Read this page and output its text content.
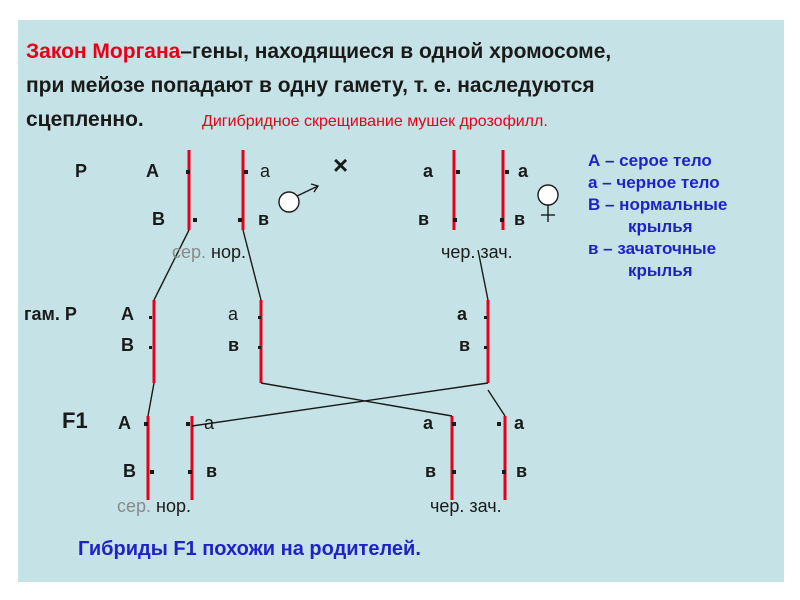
Закон Моргана–гены, находящиеся в одной хромосоме,
при мейозе попадают в одну гамету, т. е. наследуются
сцепленно.	Дигибридное скрещивание мушек дрозофилл.
P	A	a ×	a	a
B	в	в	в
сер. нор.	чер. зач.
гам. P A	a	a
B	в	в
F1 A	a	a	a
B	в	в	в
сер. нор.	чер. зач.
А – серое тело
а – черное тело
В – нормальные
крылья
в – зачаточные
крылья
Гибриды F1 похожи на родителей.
